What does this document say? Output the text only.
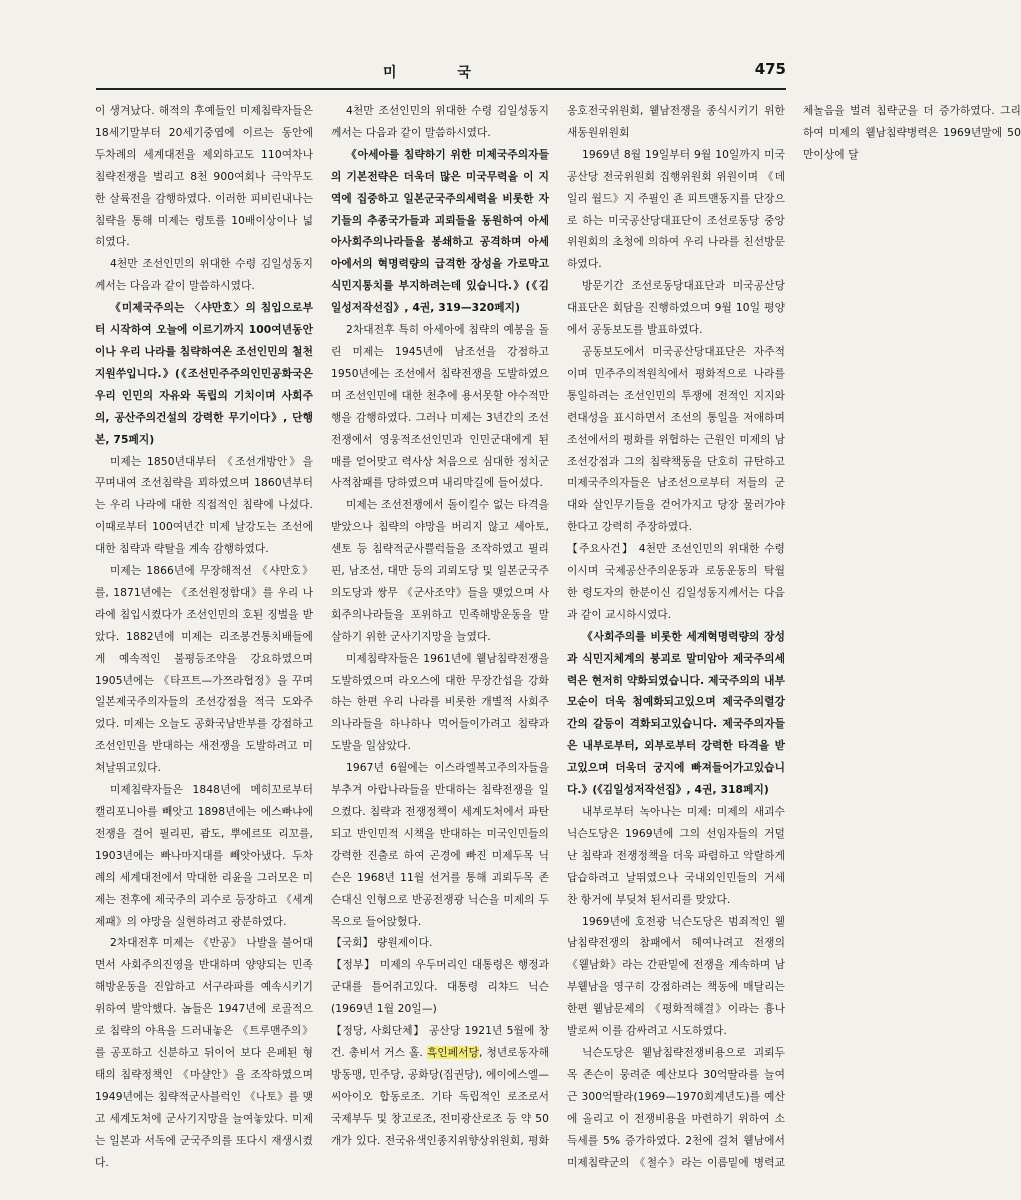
미 국	475

이 생겨났다. 해적의 후예들인 미제침략자들은 18세기말부터 20세기중엽에 이르는 동안에 두차례의 세계대전을 제외하고도 110여차나 침략전쟁을 벌리고 8천 900여회나 극악무도한 살륙전을 감행하였다. 이러한 피비린내나는 침략을 통해 미제는 령토를 10배이상이나 넓히였다.

4천만 조선인민의 위대한 수령 김일성동지께서는 다음과 같이 말씀하시였다.

《미제국주의는 〈샤만호〉의 침입으로부터 시작하여 오늘에 이르기까지 100여년동안이나 우리 나라를 침략하여온 조선인민의 철천지원쑤입니다.》(《조선민주주의인민공화국은 우리 인민의 자유와 독립의 기치이며 사회주의, 공산주의건설의 강력한 무기이다》, 단행본, 75페지)

미제는 1850년대부터 《조선개방안》을 꾸며내여 조선침략을 꾀하였으며 1860년부터는 우리 나라에 대한 직접적인 침략에 나섰다. 이때로부터 100여년간 미제 날강도는 조선에 대한 침략과 략탈을 계속 감행하였다.

미제는 1866년에 무장해적선 《샤만호》를, 1871년에는 《조선원정함대》를 우리 나라에 침입시켰다가 조선인민의 호된 징벌을 받았다. 1882년에 미제는 리조봉건통치배들에게 예속적인 불평등조약을 강요하였으며 1905년에는 《타프트—가쯔라협정》을 꾸며 일본제국주의자들의 조선강점을 적극 도와주었다. 미제는 오늘도 공화국남반부를 강점하고 조선인민을 반대하는 새전쟁을 도발하려고 미쳐날뛰고있다.

미제침략자들은 1848년에 메히꼬로부터 캘리포니아를 빼앗고 1898년에는 에스빠냐에 전쟁을 걸어 필리핀, 괌도, 뿌에르또 리꼬를, 1903년에는 빠나마지대를 빼앗아냈다. 두차례의 세계대전에서 막대한 리윤을 그러모은 미제는 전후에 제국주의 괴수로 등장하고 《세계제패》의 야망을 실현하려고 광분하였다.

2차대전후 미제는 《반공》 나발을 불어대면서 사회주의진영을 반대하며 양양되는 민족해방운동을 진압하고 서구라파를 예속시키기 위하여 발악했다. 놈들은 1947년에 로골적으로 침략의 야욕을 드러내놓은 《트루맨주의》를 공포하고 신분하고 뒤이어 보다 은페된 형태의 침략정책인 《마샬안》을 조작하였으며 1949년에는 침략적군사블럭인 《나토》를 맺고 세계도처에 군사기지망을 늘여놓았다. 미제는 일본과 서독에 군국주의를 또다시 재생시켰다.

4천만 조선인민의 위대한 수령 김일성동지께서는 다음과 같이 말씀하시였다.

《아세아를 침략하기 위한 미제국주의자들의 기본전략은 더욱더 많은 미국무력을 이 지역에 집중하고 일본군국주의세력을 비롯한 자기들의 추종국가들과 괴뢰들을 동원하여 아세아사회주의나라들을 봉쇄하고 공격하며 아세아에서의 혁명력량의 급격한 장성을 가로막고 식민지통치를 부지하려는데 있습니다.》(《김일성저작선집》, 4권, 319—320페지)

2차대전후 특히 아세아에 침략의 예봉을 돌린 미제는 1945년에 남조선을 강점하고 1950년에는 조선에서 침략전쟁을 도발하였으며 조선인민에 대한 천추에 용서못할 야수적만행을 감행하였다. 그러나 미제는 3년간의 조선전쟁에서 영웅적조선인민과 인민군대에게 된매를 얻어맞고 력사상 처음으로 심대한 정치군사적참패를 당하였으며 내리막길에 들어섰다.

미제는 조선전쟁에서 돌이킬수 없는 타격을 받았으나 침략의 야망을 버리지 않고 세아토, 센토 등 침략적군사쁠럭들을 조작하였고 필리핀, 남조선, 대만 등의 괴뢰도당 및 일본군국주의도당과 쌍무 《군사조약》들을 맺었으며 사회주의나라들을 포위하고 민족해방운동을 말살하기 위한 군사기지망을 늘였다.

미제침략자들은 1961년에 윁남침략전쟁을 도발하였으며 라오스에 대한 무장간섭을 강화하는 한편 우리 나라를 비롯한 개별적 사회주의나라들을 하나하나 먹어들이가려고 침략과 도발을 일삼았다.

1967년 6월에는 이스라엘복고주의자들을 부추겨 아랍나라들을 반대하는 침략전쟁을 일으켰다. 침략과 전쟁정책이 세계도처에서 파탄되고 반인민적 시책을 반대하는 미국인민들의 강력한 진출로 하여 곤경에 빠진 미제두목 닉슨은 1968년 11월 선거를 통해 괴뢰두목 존슨대신 인형으로 반공전쟁광 닉슨을 미제의 두목으로 들어앉혔다.

【국회】 량원제이다.

【정부】 미제의 우두머리인 대통령은 행정과 군대를 틀어쥐고있다. 대통령 리챠드 닉슨(1969년 1월 20일—)

【정당, 사회단체】 공산당 1921년 5월에 창건. 총비서 거스 홀. 흑인페서당, 청년로동자해방동맹, 민주당, 공화당(집권당), 에이에스엘—씨아이오 합동로조. 기타 독립적인 로조로서 국제부두 및 창고로조, 전미광산로조 등 약 50개가 있다. 전국유색인종지위향상위원회, 평화옹호전국위원회, 윁남전쟁을 종식시키기 위한 새동원위원회

1969년 8월 19일부터 9월 10일까지 미국공산당 전국위원회 집행위원회 위원이며 《데일리 월드》지 주필인 죤 피트맨동지를 단장으로 하는 미국공산당대표단이 조선로동당 중앙위원회의 초청에 의하여 우리 나라를 친선방문하였다.

방문기간 조선로동당대표단과 미국공산당대표단은 회담을 진행하였으며 9월 10일 평양에서 공동보도를 발표하였다.

공동보도에서 미국공산당대표단은 자주적이며 민주주의적원칙에서 평화적으로 나라를 통일하려는 조선인민의 투쟁에 전적인 지지와 련대성을 표시하면서 조선의 통일을 저애하며 조선에서의 평화를 위협하는 근원인 미제의 남조선강점과 그의 침략책동을 단호히 규탄하고 미제국주의자들은 남조선으로부터 저들의 군대와 살인무기들을 걷어가지고 당장 물러가야 한다고 강력히 주장하였다.

【주요사건】 4천만 조선인민의 위대한 수령이시며 국제공산주의운동과 로동운동의 탁월한 령도자의 한분이신 김일성동지께서는 다음과 같이 교시하시였다.

《사회주의를 비롯한 세계혁명력량의 장성과 식민지체계의 붕괴로 말미암아 제국주의세력은 현저히 약화되였습니다. 제국주의의 내부모순이 더욱 첨예화되고있으며 제국주의렬강간의 갈등이 격화되고있습니다. 제국주의자들은 내부로부터, 외부로부터 강력한 타격을 받고있으며 더욱더 궁지에 빠져들어가고있습니다.》(《김일성저작선집》, 4권, 318페지)

내부로부터 녹아나는 미제: 미제의 새괴수 닉슨도당은 1969년에 그의 선임자들의 거덜난 침략과 전쟁정책을 더욱 파렴하고 악랄하게 답습하려고 날뛰였으나 국내외인민들의 거세찬 항거에 부딪쳐 된서리를 맞았다.

1969년에 호전광 닉슨도당은 범죄적인 윁남침략전쟁의 참패에서 헤여나려고 전쟁의 《윁남화》라는 간판밑에 전쟁을 계속하며 남부윁남을 영구히 강점하려는 책동에 매달리는 한편 윁남문제의 《평화적해결》이라는 흉나발로써 이를 감싸려고 시도하였다.

닉슨도당은 윁남침략전쟁비용으로 괴뢰두목 존슨이 뭉려준 예산보다 30억딸라를 늘여 근 300억딸라(1969—1970회계년도)를 예산에 올리고 이 전쟁비용을 마련하기 위하여 소득세를 5% 증가하였다. 2천에 걸쳐 윁남에서 미제침략군의 《철수》라는 이름밑에 병력교체놀음을 벌려 침략군을 더 증가하였다. 그리하여 미제의 윁남침략병력은 1969년말에 50만이상에 달
